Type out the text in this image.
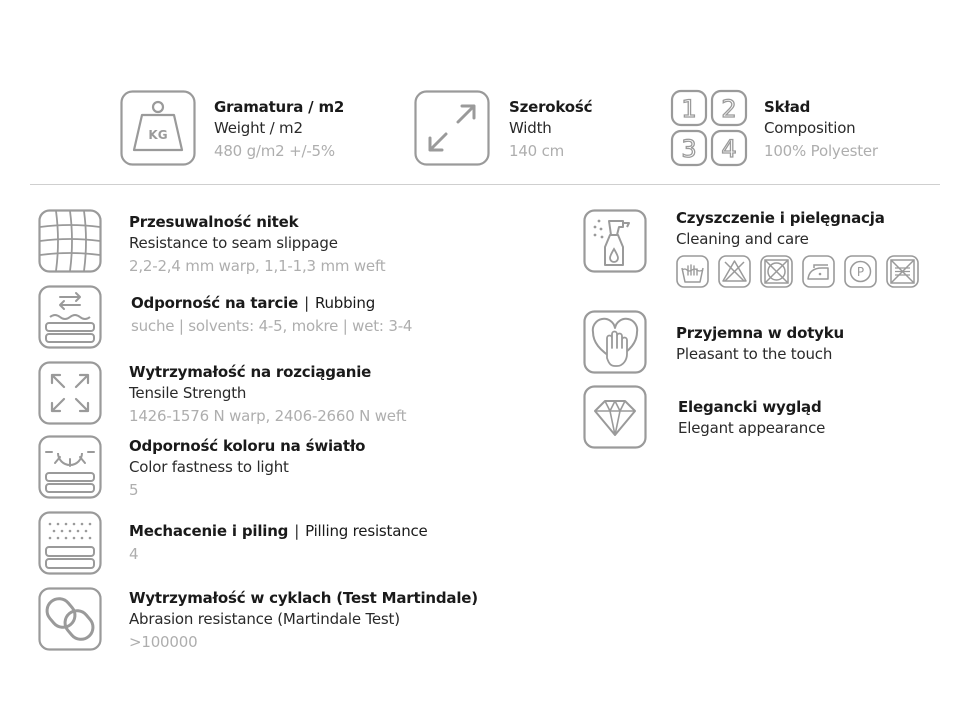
KG
Gramatura / m2
Weight / m2
480 g/m2 +/-5%
Szerokość
Width
140 cm
1 2
3 4
Skład
Composition
100% Polyester
Przesuwalność nitek
Resistance to seam slippage
2,2-2,4 mm warp, 1,1-1,3 mm weft
Odporność na tarcie | Rubbing
suche | solvents: 4-5, mokre | wet: 3-4
Wytrzymałość na rozciąganie
Tensile Strength
1426-1576 N warp, 2406-2660 N weft
Odporność koloru na światło
Color fastness to light
5
Mechacenie i piling | Pilling resistance
4
Wytrzymałość w cyklach (Test Martindale)
Abrasion resistance (Martindale Test)
>100000
Czyszczenie i pielęgnacja
Cleaning and care
P
Przyjemna w dotyku
Pleasant to the touch
Elegancki wygląd
Elegant appearance
